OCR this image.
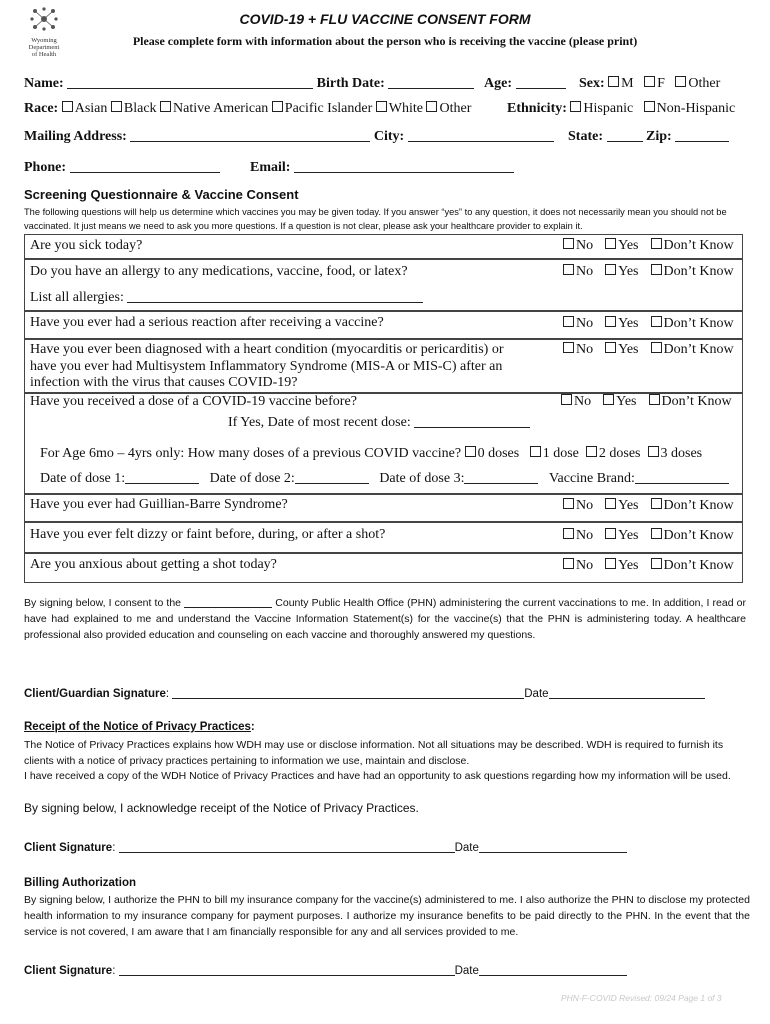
Wyoming
Department
of Health
COVID-19 + FLU VACCINE CONSENT FORM
Please complete form with information about the person who is receiving the vaccine (please print)
Name:	Birth Date:	Age:	Sex: M F Other
Race: Asian Black Native American Pacific Islander White Other	Ethnicity: Hispanic Non-Hispanic
Mailing Address:	City:	State:	Zip:
Phone:	Email:
Screening Questionnaire & Vaccine Consent
The following questions will help us determine which vaccines you may be given today. If you answer “yes” to any question, it does not necessarily mean you should not be vaccinated. It just means we need to ask you more questions. If a question is not clear, please ask your healthcare provider to explain it.
Are you sick today?	No Yes Don’t Know
Do you have an allergy to any medications, vaccine, food, or latex?	No Yes Don’t Know
List all allergies:
Have you ever had a serious reaction after receiving a vaccine?	No Yes Don’t Know
Have you ever been diagnosed with a heart condition (myocarditis or pericarditis) or have you ever had Multisystem Inflammatory Syndrome (MIS-A or MIS-C) after an infection with the virus that causes COVID-19?
No Yes Don’t Know
Have you received a dose of a COVID-19 vaccine before?	No Yes Don’t Know
If Yes, Date of most recent dose:
For Age 6mo – 4yrs only: How many doses of a previous COVID vaccine? 0 doses 1 dose 2 doses 3 doses
Date of dose 1:	Date of dose 2:	Date of dose 3:	Vaccine Brand:
Have you ever had Guillian-Barre Syndrome?	No Yes Don’t Know
Have you ever felt dizzy or faint before, during, or after a shot?	No Yes Don’t Know
Are you anxious about getting a shot today?	No Yes Don’t Know
By signing below, I consent to the	County Public Health Office (PHN) administering the current vaccinations to me. In addition, I read or have had explained to me and understand the Vaccine Information Statement(s) for the vaccine(s) that the PHN is administering today. A healthcare professional also provided education and counseling on each vaccine and thoroughly answered my questions.
Client/Guardian Signature:	Date
Receipt of the Notice of Privacy Practices:
The Notice of Privacy Practices explains how WDH may use or disclose information. Not all situations may be described. WDH is required to furnish its clients with a notice of privacy practices pertaining to information we use, maintain and disclose.
I have received a copy of the WDH Notice of Privacy Practices and have had an opportunity to ask questions regarding how my information will be used.
By signing below, I acknowledge receipt of the Notice of Privacy Practices.
Client Signature:	Date
Billing Authorization
By signing below, I authorize the PHN to bill my insurance company for the vaccine(s) administered to me. I also authorize the PHN to disclose my protected health information to my insurance company for payment purposes. I authorize my insurance benefits to be paid directly to the PHN. In the event that the service is not covered, I am aware that I am financially responsible for any and all services provided to me.
Client Signature:	Date
PHN-F-COVID Revised: 09/24 Page 1 of 3
